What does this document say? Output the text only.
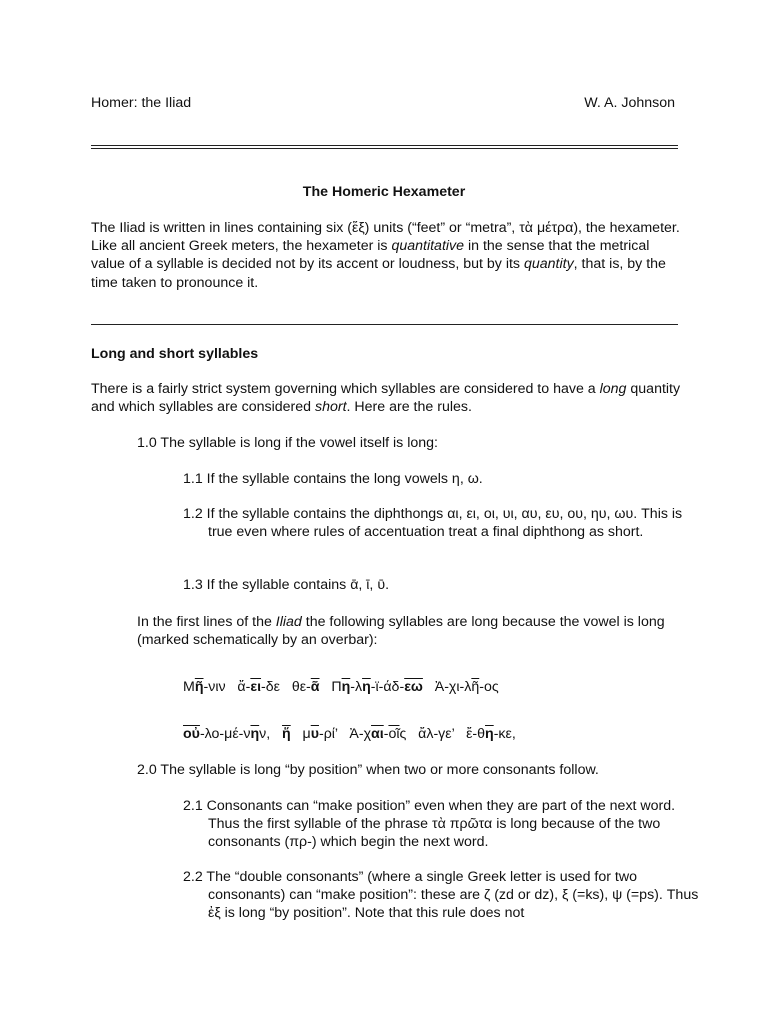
Homer: the Iliad	W. A. Johnson
The Homeric Hexameter

The Iliad is written in lines containing six (ἕξ) units (“feet” or “metra”, τὰ μέτρα), the hexameter. Like all ancient Greek meters, the hexameter is quantitative in the sense that the metrical value of a syllable is decided not by its accent or loudness, but by its quantity, that is, by the time taken to pronounce it.

Long and short syllables

There is a fairly strict system governing which syllables are considered to have a long quantity and which syllables are considered short. Here are the rules.

1.0 The syllable is long if the vowel itself is long:

1.1 If the syllable contains the long vowels η, ω.

1.2 If the syllable contains the diphthongs αι, ει, οι, υι, αυ, ευ, ου, ηυ, ωυ. This is true even where rules of accentuation treat a final diphthong as short.

1.3 If the syllable contains ᾱ, ῑ, ῡ.

In the first lines of the Iliad the following syllables are long because the vowel is long (marked schematically by an overbar):

$M\overline{ῆ}$-νιν $ἄ-\overline{\varepsilon\iota}-\delta\varepsilon$ $\theta\varepsilon-\overline{ᾶ}$ $\Pi\overline{\eta}-\lambda\overline{\eta}-ϊ-ά\delta-\overline{\varepsilon\omega}$ $Ἀ-\chi\iota-\lambda\overline{ῆ}-o\varsigma$
$\overline{oὐ}-\lambda o-\mu έ-\nu\overline{\eta}\nu$, $\overline{ἥ}$ $\mu\overline{\upsilon}-\rho ί$’ $Ἀ-\chi\overline{\alpha\iota}-\overline{oῖ}\varsigma$ ἄλ-γε’ $ἔ-\theta\overline{\eta}-\kappa\varepsilon$,
2.0 The syllable is long “by position” when two or more consonants follow.

2.1 Consonants can “make position” even when they are part of the next word. Thus the first syllable of the phrase τὰ πρῶτα is long because of the two consonants (πρ-) which begin the next word.

2.2 The “double consonants” (where a single Greek letter is used for two consonants) can “make position”: these are ζ (zd or dz), ξ (=ks), ψ (=ps). Thus ἐξ is long “by position”. Note that this rule does not
